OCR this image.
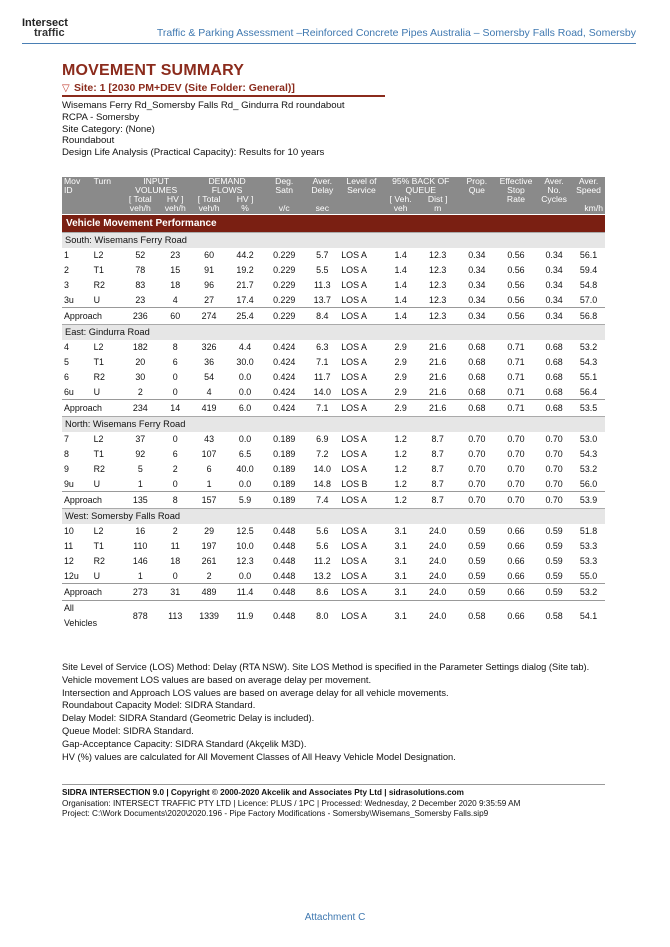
Intersect
traffic	Traffic & Parking Assessment –Reinforced Concrete Pipes Australia – Somersby Falls Road, Somersby
MOVEMENT SUMMARY
▽ Site: 1 [2030 PM+DEV (Site Folder: General)]
Wisemans Ferry Rd_Somersby Falls Rd_ Gindurra Rd roundabout
RCPA - Somersby
Site Category: (None)
Roundabout
Design Life Analysis (Practical Capacity): Results for 10 years
Vehicle Movement Performance														
Mov	Turn	INPUT		DEMAND		Deg.	Aver.	Level of	95% BACK OF		Prop.	Effective	Aver.	Aver.
ID		VOLUMES		FLOWS		Satn	Delay	Service	QUEUE		Que	Stop	No.	Speed
		[ Total	HV ]	[ Total	HV ]				[ Veh.	Dist ]		Rate	Cycles	
		veh/h	veh/h	veh/h	%	v/c	sec		veh	m				km/h
South: Wisemans Ferry Road														
1	L2	52	23	60	44.2	0.229	5.7	LOS A	1.4	12.3	0.34	0.56	0.34	56.1
2	T1	78	15	91	19.2	0.229	5.5	LOS A	1.4	12.3	0.34	0.56	0.34	59.4
3	R2	83	18	96	21.7	0.229	11.3	LOS A	1.4	12.3	0.34	0.56	0.34	54.8
3u	U	23	4	27	17.4	0.229	13.7	LOS A	1.4	12.3	0.34	0.56	0.34	57.0
Approach		236	60	274	25.4	0.229	8.4	LOS A	1.4	12.3	0.34	0.56	0.34	56.8
East: Gindurra Road														
4	L2	182	8	326	4.4	0.424	6.3	LOS A	2.9	21.6	0.68	0.71	0.68	53.2
5	T1	20	6	36	30.0	0.424	7.1	LOS A	2.9	21.6	0.68	0.71	0.68	54.3
6	R2	30	0	54	0.0	0.424	11.7	LOS A	2.9	21.6	0.68	0.71	0.68	55.1
6u	U	2	0	4	0.0	0.424	14.0	LOS A	2.9	21.6	0.68	0.71	0.68	56.4
Approach		234	14	419	6.0	0.424	7.1	LOS A	2.9	21.6	0.68	0.71	0.68	53.5
North: Wisemans Ferry Road														
7	L2	37	0	43	0.0	0.189	6.9	LOS A	1.2	8.7	0.70	0.70	0.70	53.0
8	T1	92	6	107	6.5	0.189	7.2	LOS A	1.2	8.7	0.70	0.70	0.70	54.3
9	R2	5	2	6	40.0	0.189	14.0	LOS A	1.2	8.7	0.70	0.70	0.70	53.2
9u	U	1	0	1	0.0	0.189	14.8	LOS B	1.2	8.7	0.70	0.70	0.70	56.0
Approach		135	8	157	5.9	0.189	7.4	LOS A	1.2	8.7	0.70	0.70	0.70	53.9
West: Somersby Falls Road														
10	L2	16	2	29	12.5	0.448	5.6	LOS A	3.1	24.0	0.59	0.66	0.59	51.8
11	T1	110	11	197	10.0	0.448	5.6	LOS A	3.1	24.0	0.59	0.66	0.59	53.3
12	R2	146	18	261	12.3	0.448	11.2	LOS A	3.1	24.0	0.59	0.66	0.59	53.3
12u	U	1	0	2	0.0	0.448	13.2	LOS A	3.1	24.0	0.59	0.66	0.59	55.0
Approach		273	31	489	11.4	0.448	8.6	LOS A	3.1	24.0	0.59	0.66	0.59	53.2

All
Vehicles		878	113	1339	11.9	0.448	8.0	LOS A	3.1	24.0	0.58	0.66	0.58	54.1
Site Level of Service (LOS) Method: Delay (RTA NSW). Site LOS Method is specified in the Parameter Settings dialog (Site tab).
Vehicle movement LOS values are based on average delay per movement.
Intersection and Approach LOS values are based on average delay for all vehicle movements.
Roundabout Capacity Model: SIDRA Standard.
Delay Model: SIDRA Standard (Geometric Delay is included).
Queue Model: SIDRA Standard.
Gap-Acceptance Capacity: SIDRA Standard (Akçelik M3D).
HV (%) values are calculated for All Movement Classes of All Heavy Vehicle Model Designation.
SIDRA INTERSECTION 9.0 | Copyright © 2000-2020 Akcelik and Associates Pty Ltd | sidrasolutions.com
Organisation: INTERSECT TRAFFIC PTY LTD | Licence: PLUS / 1PC | Processed: Wednesday, 2 December 2020 9:35:59 AM
Project: C:\Work Documents\2020\2020.196 - Pipe Factory Modifications - Somersby\Wisemans_Somersby Falls.sip9
Attachment C
